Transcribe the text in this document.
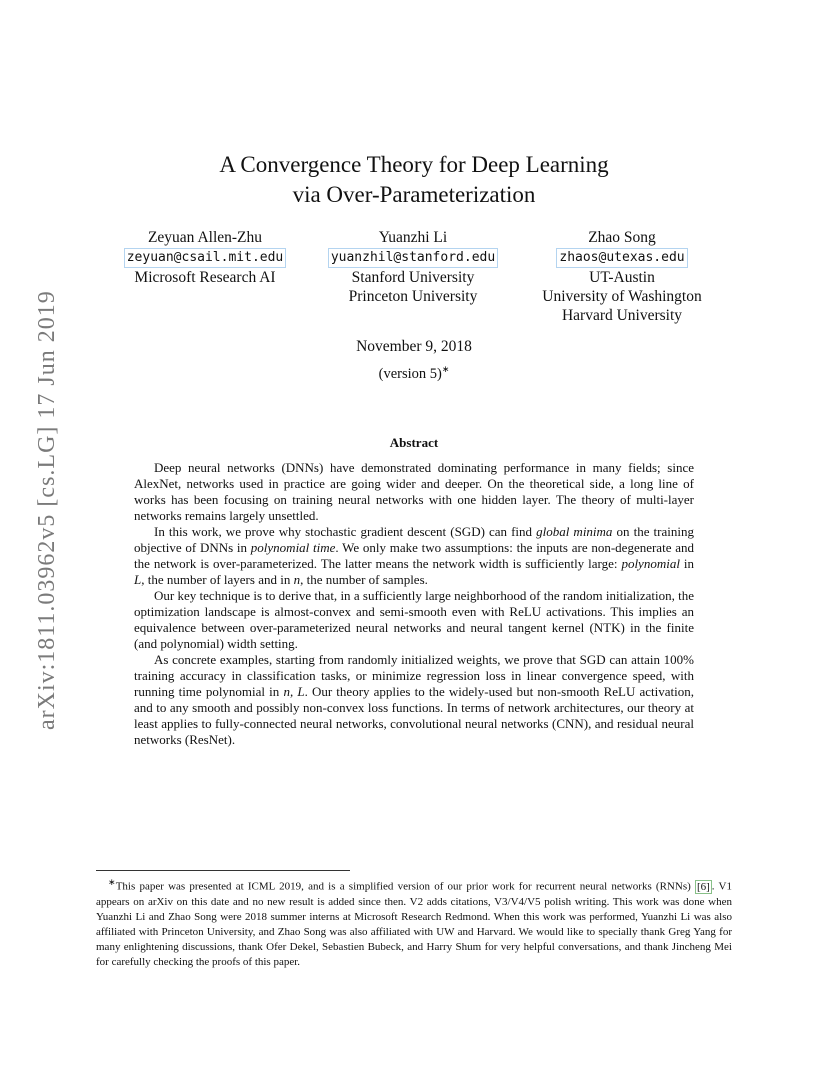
arXiv:1811.03962v5 [cs.LG] 17 Jun 2019
A Convergence Theory for Deep Learning
via Over-Parameterization
Zeyuan Allen-Zhu
zeyuan@csail.mit.edu
Microsoft Research AI
Yuanzhi Li
yuanzhil@stanford.edu
Stanford University
Princeton University
Zhao Song
zhaos@utexas.edu
UT-Austin
University of Washington
Harvard University
November 9, 2018
(version 5)∗
Abstract

Deep neural networks (DNNs) have demonstrated dominating performance in many fields; since AlexNet, networks used in practice are going wider and deeper. On the theoretical side, a long line of works has been focusing on training neural networks with one hidden layer. The theory of multi-layer networks remains largely unsettled.

In this work, we prove why stochastic gradient descent (SGD) can find global minima on the training objective of DNNs in polynomial time. We only make two assumptions: the inputs are non-degenerate and the network is over-parameterized. The latter means the network width is sufficiently large: polynomial in L, the number of layers and in n, the number of samples.

Our key technique is to derive that, in a sufficiently large neighborhood of the random initialization, the optimization landscape is almost-convex and semi-smooth even with ReLU activations. This implies an equivalence between over-parameterized neural networks and neural tangent kernel (NTK) in the finite (and polynomial) width setting.

As concrete examples, starting from randomly initialized weights, we prove that SGD can attain 100% training accuracy in classification tasks, or minimize regression loss in linear convergence speed, with running time polynomial in n, L. Our theory applies to the widely-used but non-smooth ReLU activation, and to any smooth and possibly non-convex loss functions. In terms of network architectures, our theory at least applies to fully-connected neural networks, convolutional neural networks (CNN), and residual neural networks (ResNet).

∗This paper was presented at ICML 2019, and is a simplified version of our prior work for recurrent neural networks (RNNs) [6] . V1 appears on arXiv on this date and no new result is added since then. V2 adds citations, V3/V4/V5 polish writing. This work was done when Yuanzhi Li and Zhao Song were 2018 summer interns at Microsoft Research Redmond. When this work was performed, Yuanzhi Li was also affiliated with Princeton University, and Zhao Song was also affiliated with UW and Harvard. We would like to specially thank Greg Yang for many enlightening discussions, thank Ofer Dekel, Sebastien Bubeck, and Harry Shum for very helpful conversations, and thank Jincheng Mei for carefully checking the proofs of this paper.
